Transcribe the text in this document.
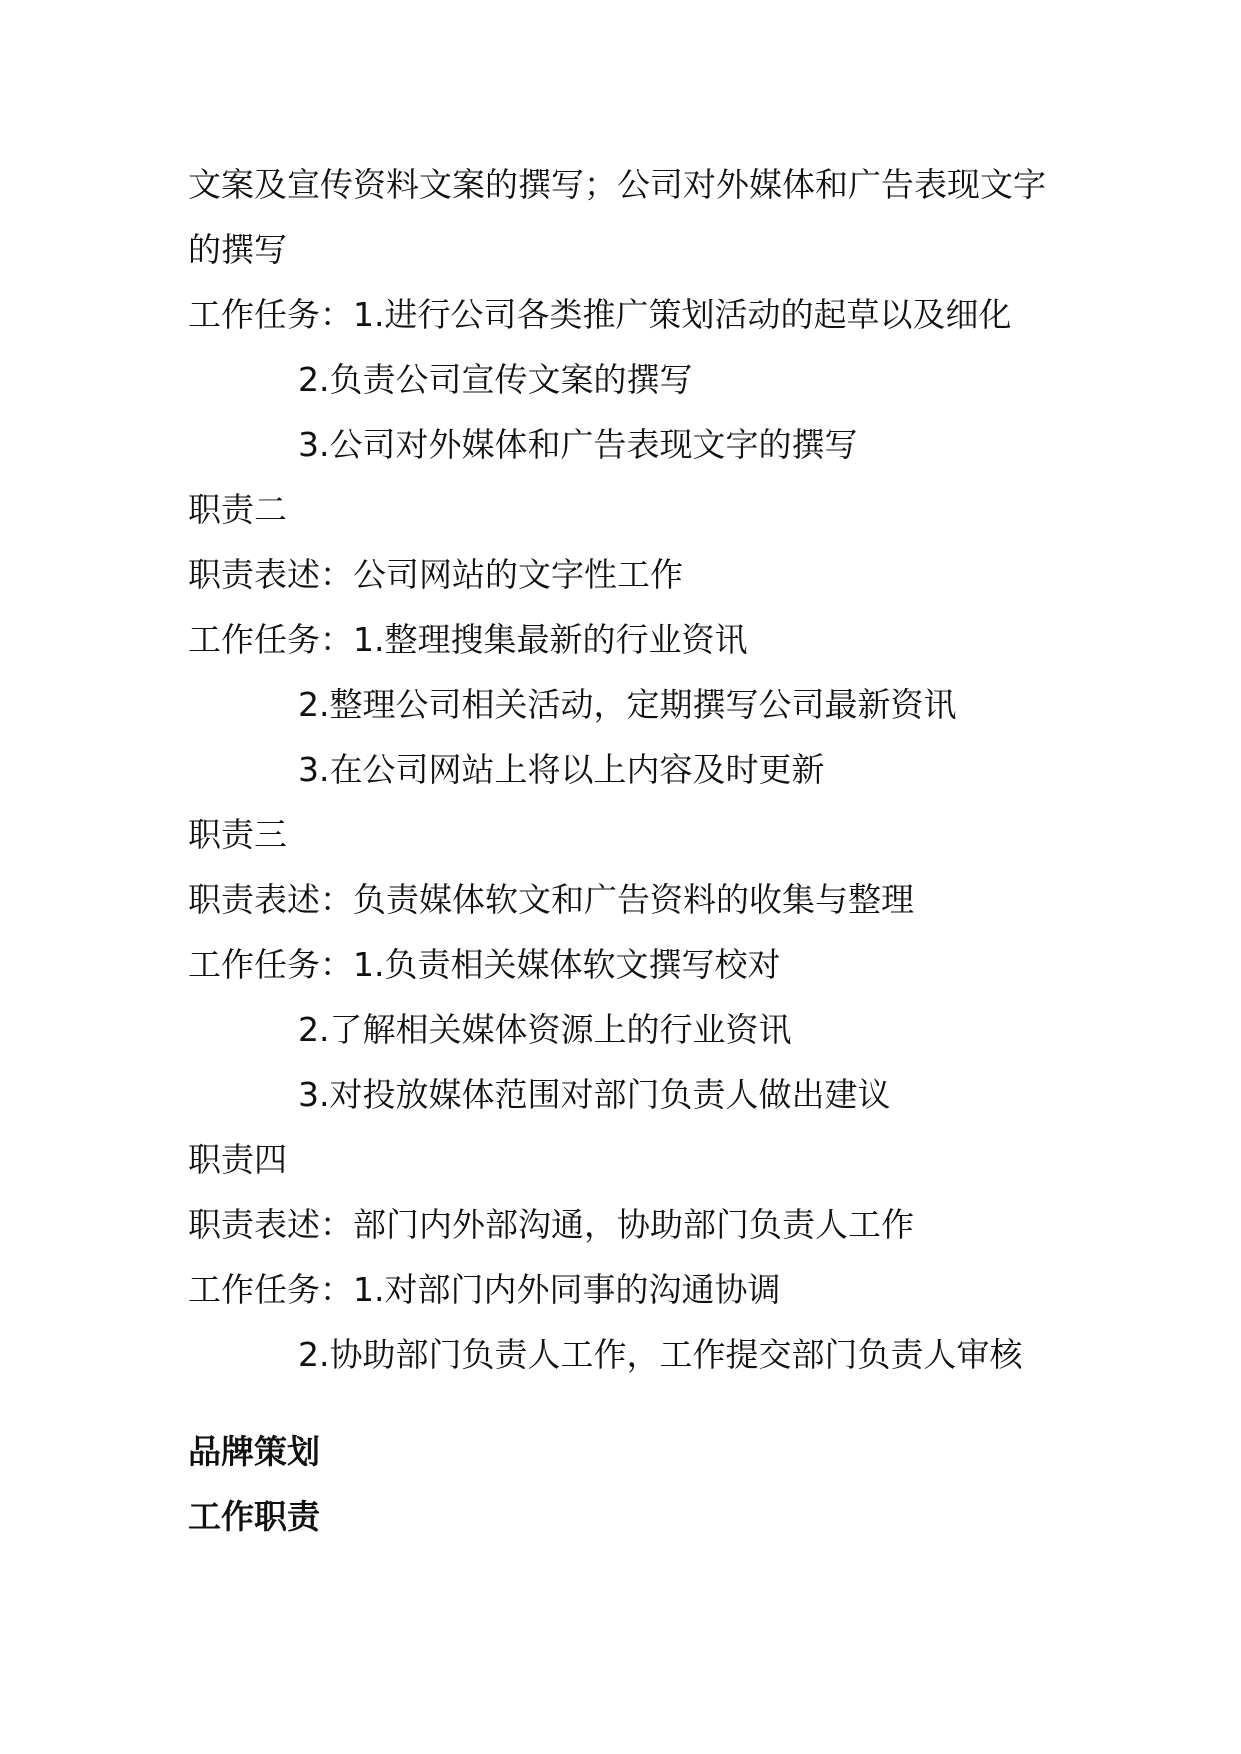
文案及宣传资料文案的撰写；公司对外媒体和广告表现文字
的撰写
工作任务：1.进行公司各类推广策划活动的起草以及细化
2.负责公司宣传文案的撰写
3.公司对外媒体和广告表现文字的撰写
职责二
职责表述：公司网站的文字性工作
工作任务：1.整理搜集最新的行业资讯
2.整理公司相关活动，定期撰写公司最新资讯
3.在公司网站上将以上内容及时更新
职责三
职责表述：负责媒体软文和广告资料的收集与整理
工作任务：1.负责相关媒体软文撰写校对
2.了解相关媒体资源上的行业资讯
3.对投放媒体范围对部门负责人做出建议
职责四
职责表述：部门内外部沟通，协助部门负责人工作
工作任务：1.对部门内外同事的沟通协调
2.协助部门负责人工作，工作提交部门负责人审核
品牌策划
工作职责
